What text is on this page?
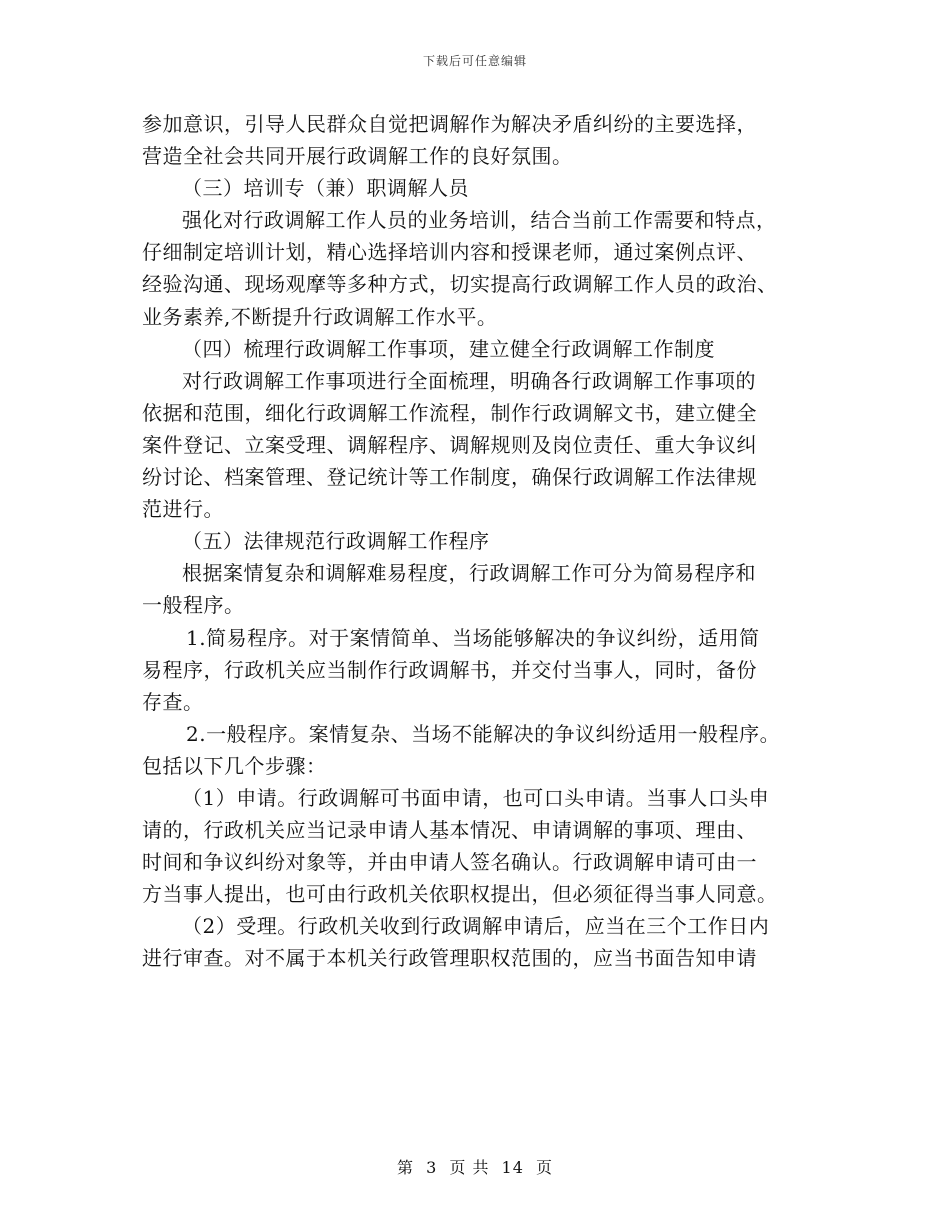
下载后可任意编辑
参加意识，引导人民群众自觉把调解作为解决矛盾纠纷的主要选择，
营造全社会共同开展行政调解工作的良好氛围。
（三）培训专（兼）职调解人员
强化对行政调解工作人员的业务培训，结合当前工作需要和特点，
仔细制定培训计划，精心选择培训内容和授课老师，通过案例点评、
经验沟通、现场观摩等多种方式，切实提高行政调解工作人员的政治、
业务素养,不断提升行政调解工作水平。
（四）梳理行政调解工作事项，建立健全行政调解工作制度
对行政调解工作事项进行全面梳理，明确各行政调解工作事项的
依据和范围，细化行政调解工作流程，制作行政调解文书，建立健全
案件登记、立案受理、调解程序、调解规则及岗位责任、重大争议纠
纷讨论、档案管理、登记统计等工作制度，确保行政调解工作法律规
范进行。
（五）法律规范行政调解工作程序
根据案情复杂和调解难易程度，行政调解工作可分为简易程序和
一般程序。
1.简易程序。对于案情简单、当场能够解决的争议纠纷，适用简
易程序，行政机关应当制作行政调解书，并交付当事人，同时，备份
存查。
2.一般程序。案情复杂、当场不能解决的争议纠纷适用一般程序。
包括以下几个步骤：
（1）申请。行政调解可书面申请，也可口头申请。当事人口头申
请的，行政机关应当记录申请人基本情况、申请调解的事项、理由、
时间和争议纠纷对象等，并由申请人签名确认。行政调解申请可由一
方当事人提出，也可由行政机关依职权提出，但必须征得当事人同意。
（2）受理。行政机关收到行政调解申请后，应当在三个工作日内
进行审查。对不属于本机关行政管理职权范围的，应当书面告知申请
第 3 页 共 14 页
